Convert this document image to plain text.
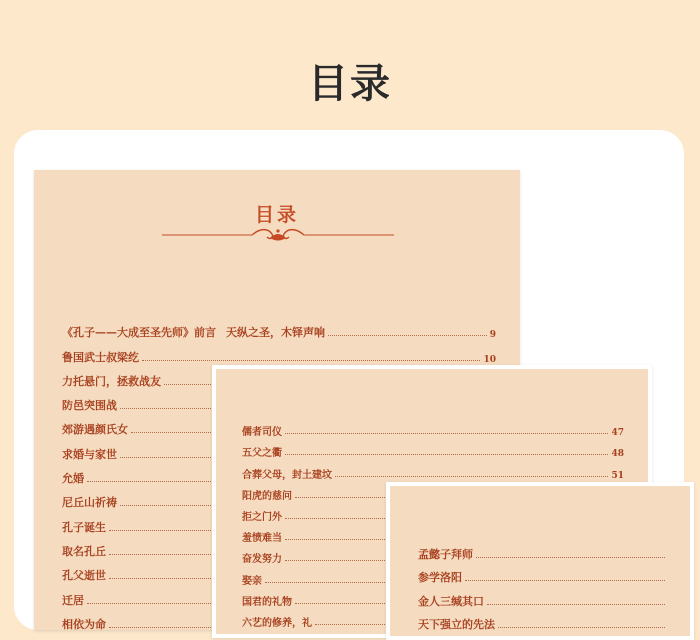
目录
目录
《孔子——大成至圣先师》前言 天纵之圣，木铎声响	9
鲁国武士叔梁纥	10
力托悬门，拯救战友
防邑突围战
郊游遇颜氏女
求婚与家世
允婚
尼丘山祈祷
孔子诞生
取名孔丘
孔父逝世
迁居
相依为命
儒者司仪	47
五父之衢	48
合葬父母，封土建坟	51
阳虎的慈问
拒之门外
羞愤难当
奋发努力
娶亲
国君的礼物
六艺的修养，礼
孟懿子拜师
参学洛阳
金人三缄其口
天下强立的先法
